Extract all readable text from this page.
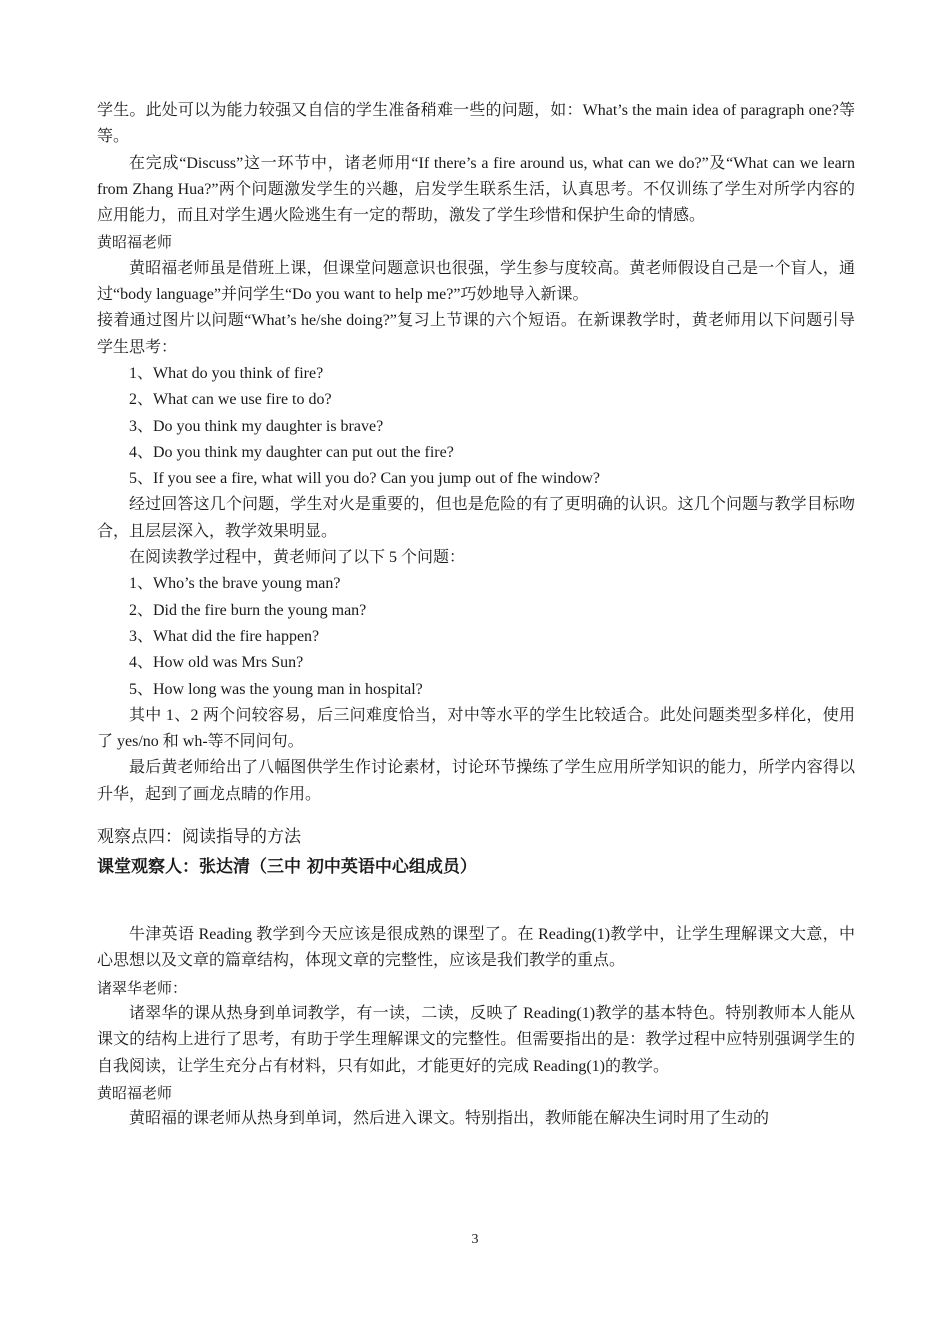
学生。此处可以为能力较强又自信的学生准备稍难一些的问题，如：What’s the main idea of paragraph one?等等。

在完成“Discuss”这一环节中，诸老师用“If there’s a fire around us, what can we do?”及“What can we learn from Zhang Hua?”两个问题激发学生的兴趣，启发学生联系生活，认真思考。不仅训练了学生对所学内容的应用能力，而且对学生遇火险逃生有一定的帮助，激发了学生珍惜和保护生命的情感。

黄昭福老师

黄昭福老师虽是借班上课，但课堂问题意识也很强，学生参与度较高。黄老师假设自己是一个盲人，通过“body language”并问学生“Do you want to help me?”巧妙地导入新课。

接着通过图片以问题“What’s he/she doing?”复习上节课的六个短语。在新课教学时，黄老师用以下问题引导学生思考：

1、What do you think of fire?

2、What can we use fire to do?

3、Do you think my daughter is brave?

4、Do you think my daughter can put out the fire?

5、If you see a fire, what will you do? Can you jump out of fhe window?

经过回答这几个问题，学生对火是重要的，但也是危险的有了更明确的认识。这几个问题与教学目标吻合，且层层深入，教学效果明显。

在阅读教学过程中，黄老师问了以下 5 个问题：

1、Who’s the brave young man?

2、Did the fire burn the young man?

3、What did the fire happen?

4、How old was Mrs Sun?

5、How long was the young man in hospital?

其中 1、2 两个问较容易，后三问难度恰当，对中等水平的学生比较适合。此处问题类型多样化，使用了 yes/no 和 wh-等不同问句。

最后黄老师给出了八幅图供学生作讨论素材，讨论环节操练了学生应用所学知识的能力，所学内容得以升华，起到了画龙点睛的作用。

观察点四：阅读指导的方法

课堂观察人：张达清（三中 初中英语中心组成员）

牛津英语 Reading 教学到今天应该是很成熟的课型了。在 Reading(1)教学中，让学生理解课文大意，中心思想以及文章的篇章结构，体现文章的完整性，应该是我们教学的重点。

诸翠华老师：

诸翠华的课从热身到单词教学，有一读，二读，反映了 Reading(1)教学的基本特色。特别教师本人能从课文的结构上进行了思考，有助于学生理解课文的完整性。但需要指出的是：教学过程中应特别强调学生的自我阅读，让学生充分占有材料，只有如此，才能更好的完成 Reading(1)的教学。

黄昭福老师

黄昭福的课老师从热身到单词，然后进入课文。特别指出，教师能在解决生词时用了生动的

3
